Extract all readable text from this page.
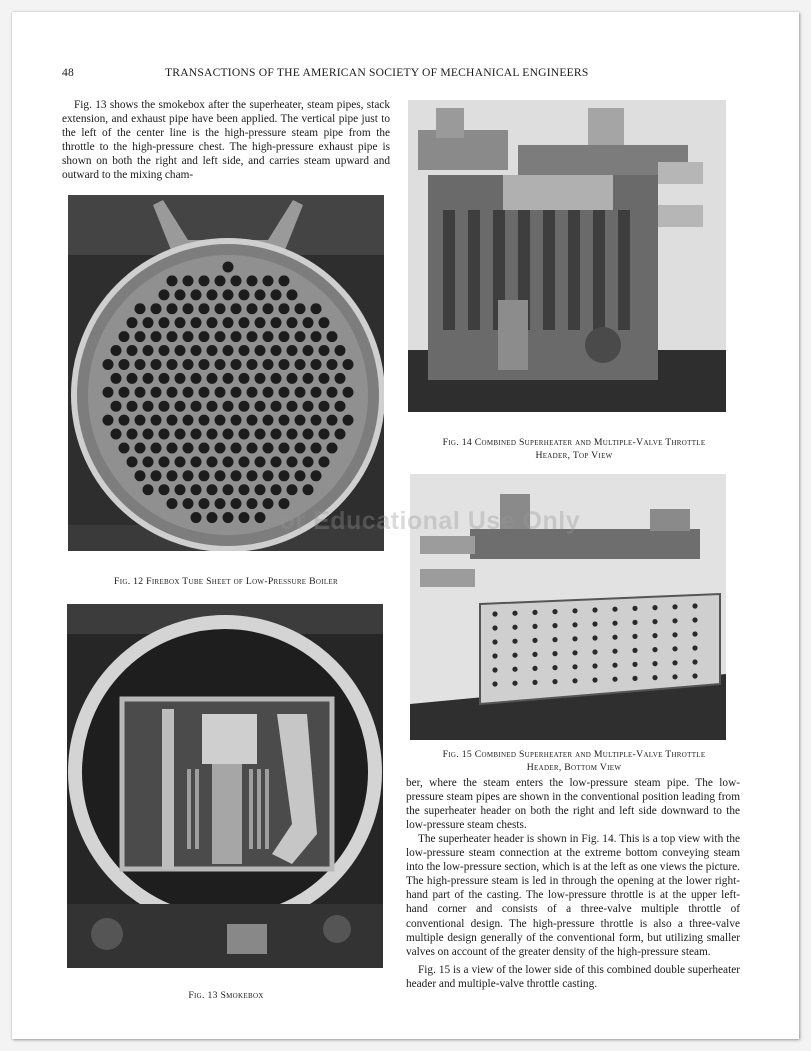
48	TRANSACTIONS OF THE AMERICAN SOCIETY OF MECHANICAL ENGINEERS

Fig. 13 shows the smokebox after the superheater, steam pipes, stack extension, and exhaust pipe have been applied. The vertical pipe just to the left of the center line is the high-pressure steam pipe from the throttle to the high-pressure chest. The high-pressure exhaust pipe is shown on both the right and left side, and carries steam upward and outward to the mixing cham-

Fig. 12 Firebox Tube Sheet of Low-Pressure Boiler
Fig. 13 Smokebox
Fig. 14 Combined Superheater and Multiple-Valve Throttle
Header, Top View
Fig. 15 Combined Superheater and Multiple-Valve Throttle
Header, Bottom View

ber, where the steam enters the low-pressure steam pipe. The low-pressure steam pipes are shown in the conventional position leading from the superheater header on both the right and left side downward to the low-pressure steam chests.

The superheater header is shown in Fig. 14. This is a top view with the low-pressure steam connection at the extreme bottom conveying steam into the low-pressure section, which is at the left as one views the picture. The high-pressure steam is led in through the opening at the lower right-hand part of the casting. The low-pressure throttle is at the upper left-hand corner and consists of a three-valve multiple throttle of conventional design. The high-pressure throttle is also a three-valve multiple design generally of the conventional form, but utilizing smaller valves on account of the greater density of the high-pressure steam.

Fig. 15 is a view of the lower side of this combined double superheater header and multiple-valve throttle casting.

For Educational Use Only
